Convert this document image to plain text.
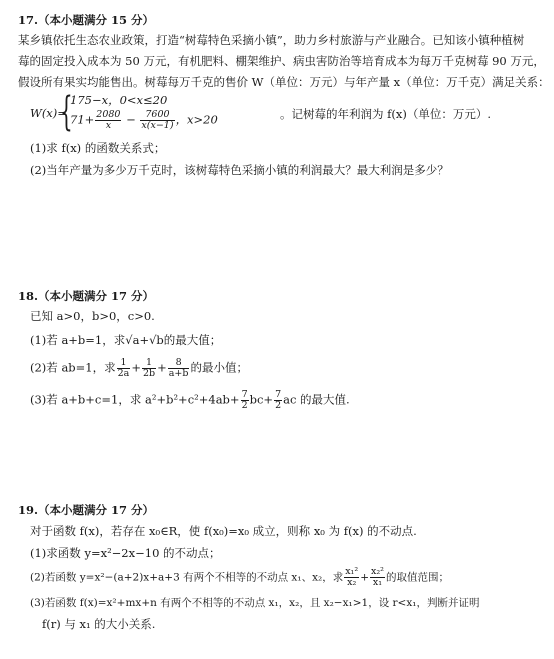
17.（本小题满分 15 分）
某乡镇依托生态农业政策，打造“树莓特色采摘小镇”，助力乡村旅游与产业融合。已知该小镇种植树
莓的固定投入成本为 50 万元，有机肥料、棚架维护、病虫害防治等培育成本为每万千克树莓 90 万元，
假设所有果实均能售出。树莓每万千克的售价 W（单位：万元）与年产量 x（单位：万千克）满足关系：
W(x)=
{
175−x，0<x≤20
$71+ \frac{2080}{x} - \frac{7600}{x(x-1)}$ ，x>20	。记树莓的年利润为 f(x)（单位：万元）.
(1)求 f(x) 的函数关系式；
(2)当年产量为多少万千克时，该树莓特色采摘小镇的利润最大？最大利润是多少？
18.（本小题满分 17 分）
已知 a>0，b>0，c>0.
(1)若 a+b=1，求√a+√b的最大值；
(2)若 ab=1，求 $\frac{1}{2a} + \frac{1}{2b} + \frac{8}{a+b}$ 的最小值；
(3)若 a+b+c=1，求 $a^2+b^2+c^2+4ab+ \frac{7}{2} bc+ \frac{7}{2}$ ac 的最大值.
19.（本小题满分 17 分）
对于函数 f(x)，若存在 x₀∈R，使 f(x₀)=x₀ 成立，则称 x₀ 为 f(x) 的不动点.
(1)求函数 y=x²−2x−10 的不动点；
(2)若函数 y=x²−(a+2)x+a+3 有两个不相等的不动点 x₁、x₂，求 $\frac{\text{x₁²}}{\text{x₂}} + \frac{\text{x₂²}}{\text{x₁}}$ 的取值范围；
(3)若函数 f(x)=x²+mx+n 有两个不相等的不动点 x₁，x₂，且 x₂−x₁>1，设 r<x₁，判断并证明
f(r) 与 x₁ 的大小关系.
